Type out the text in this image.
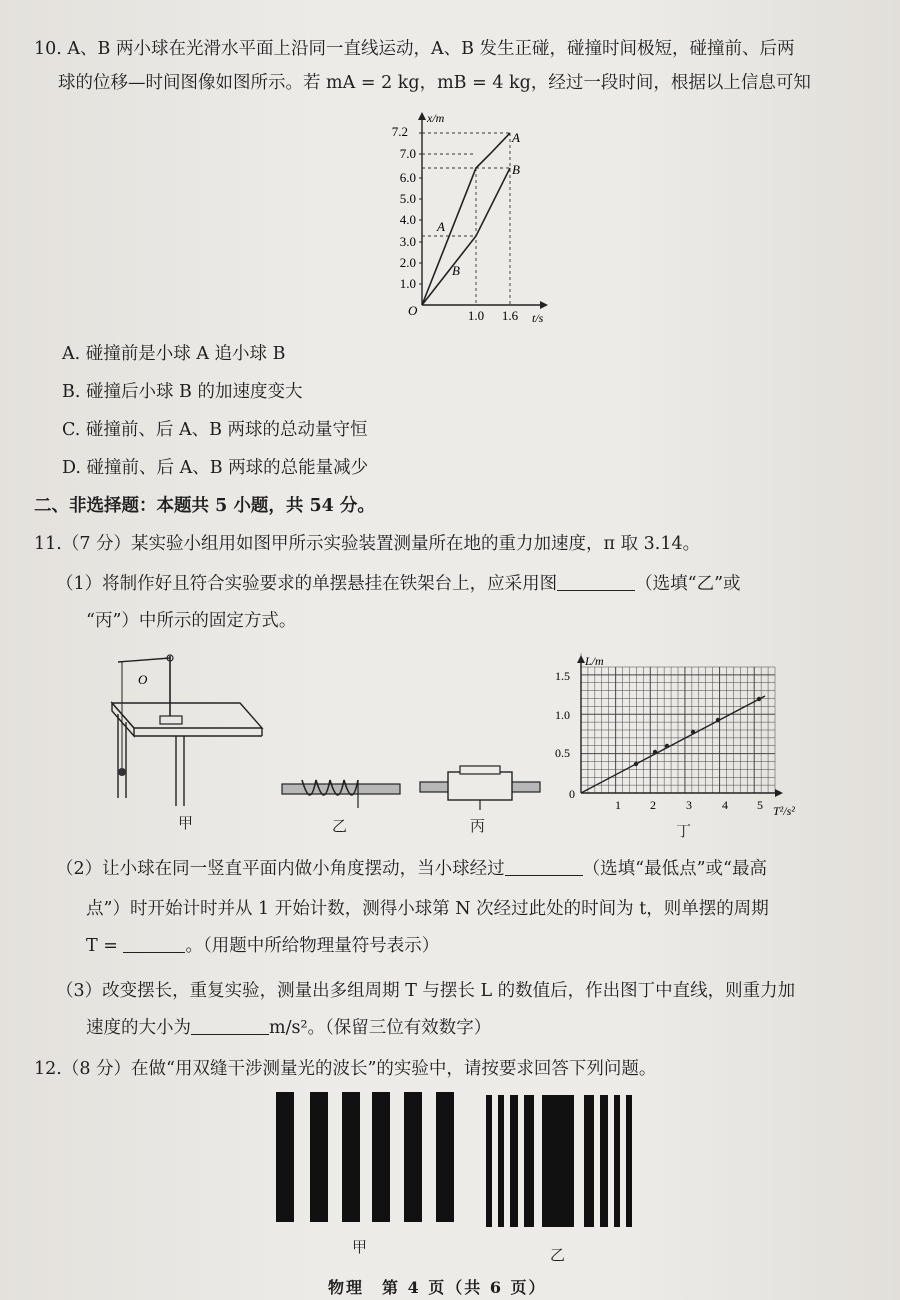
10. A、B 两小球在光滑水平面上沿同一直线运动，A、B 发生正碰，碰撞时间极短，碰撞前、后两
球的位移—时间图像如图所示。若 mA = 2 kg，mB = 4 kg，经过一段时间，根据以上信息可知
x/m
t/s
O
1.0
2.0
3.0
4.0
5.0
6.0
7.0
7.2
1.0 1.6
A
B
A
B
A. 碰撞前是小球 A 追小球 B
B. 碰撞后小球 B 的加速度变大
C. 碰撞前、后 A、B 两球的总动量守恒
D. 碰撞前、后 A、B 两球的总能量减少
二、非选择题：本题共 5 小题，共 54 分。
11.（7 分）某实验小组用如图甲所示实验装置测量所在地的重力加速度，π 取 3.14。
（1）将制作好且符合实验要求的单摆悬挂在铁架台上，应采用图	（选填“乙”或
“丙”）中所示的固定方式。
O
甲	乙	丙
L/m
T²/s²
0
0.5
1.0
1.5
1 2	3	4 5
丁
（2）让小球在同一竖直平面内做小角度摆动，当小球经过	（选填“最低点”或“最高
点”）时开始计时并从 1 开始计数，测得小球第 N 次经过此处的时间为 t，则单摆的周期
T =	。（用题中所给物理量符号表示）
（3）改变摆长，重复实验，测量出多组周期 T 与摆长 L 的数值后，作出图丁中直线，则重力加
速度的大小为	m/s²。（保留三位有效数字）
12.（8 分）在做“用双缝干涉测量光的波长”的实验中，请按要求回答下列问题。
甲	乙
物理　第 4 页（共 6 页）
